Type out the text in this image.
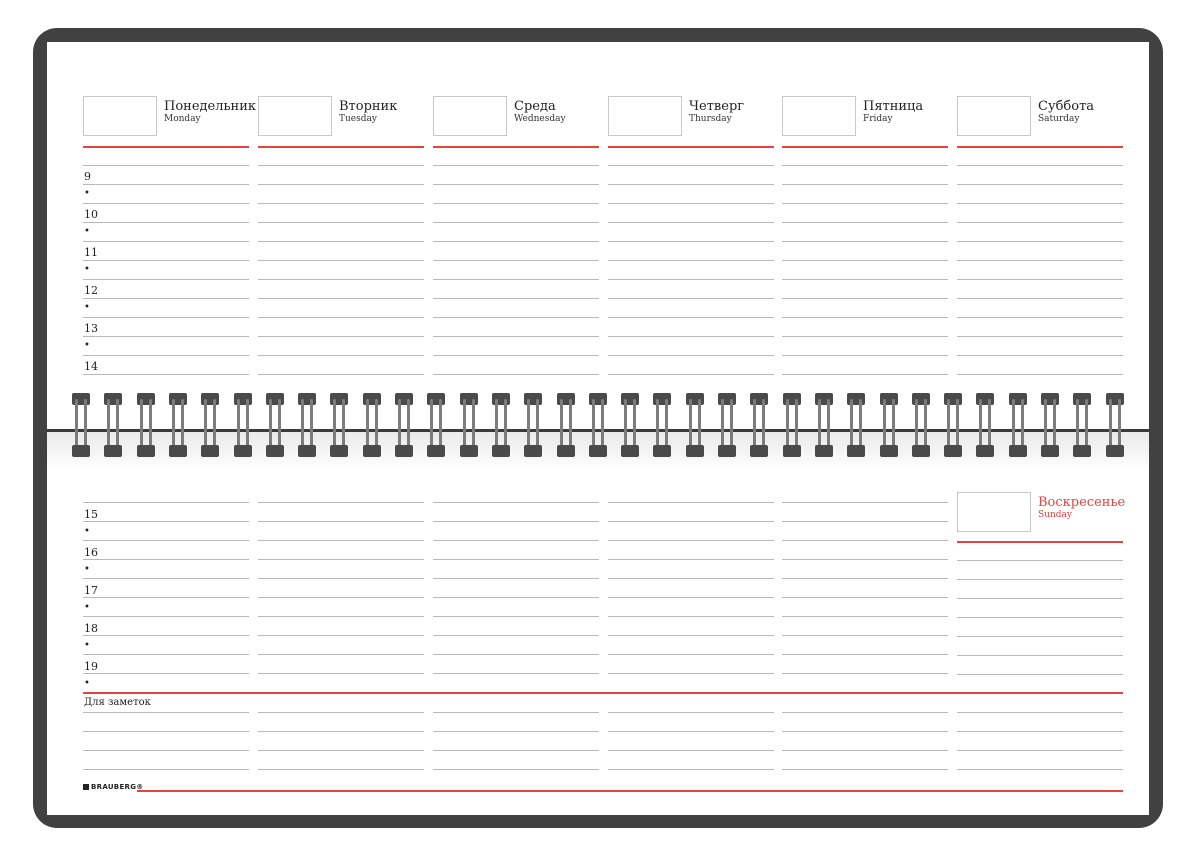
Понедельник
Monday
Вторник
Tuesday
Среда
Wednesday
Четверг
Thursday
Пятница
Friday
Суббота
Saturday
9
•
10
•
11
•
12
•
13
•
14
Воскресенье
Sunday
15
•
16
•
17
•
18
•
19
•
Для заметок
BRAUBERG®
